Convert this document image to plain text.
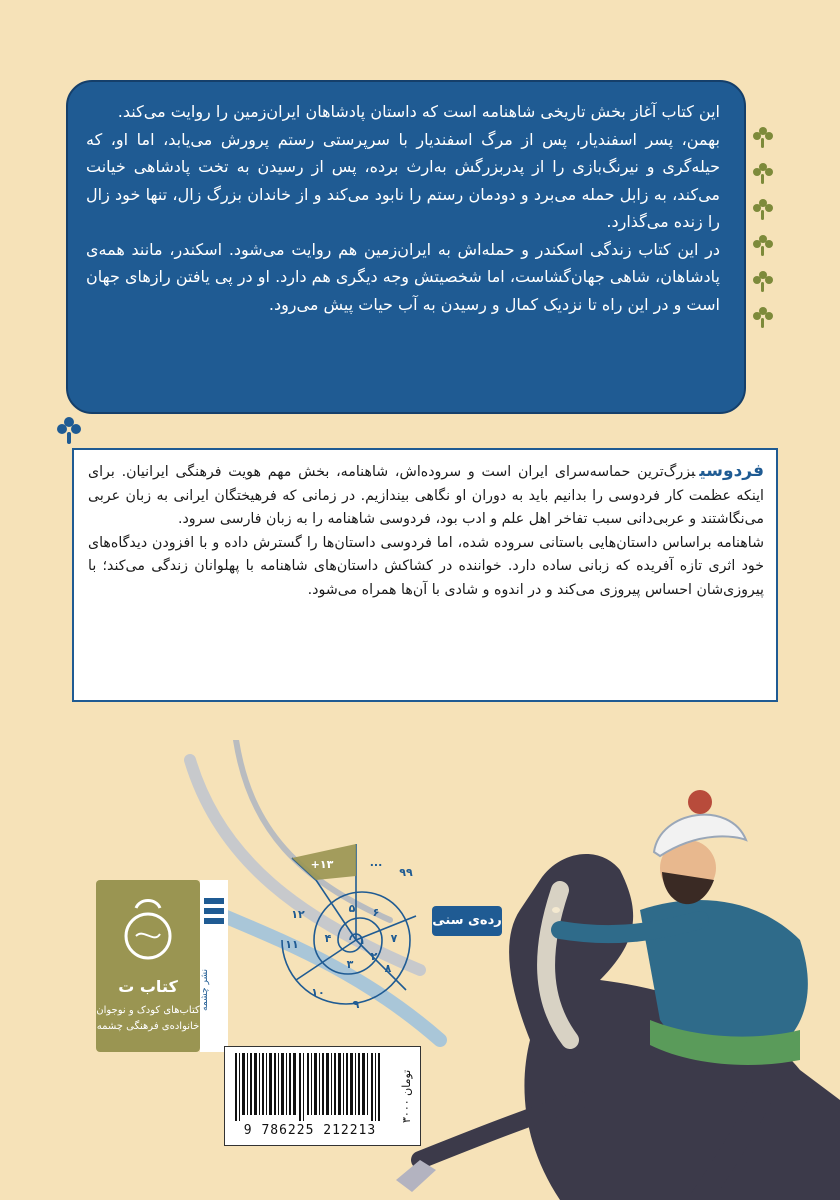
این کتاب آغاز بخش تاریخی شاهنامه است که داستان پادشاهان ایران‌زمین را روایت می‌کند.

بهمن، پسر اسفندیار، پس از مرگ اسفندیار با سرپرستی رستم پرورش می‌یابد، اما او، که حیله‌گری و نیرنگ‌بازی را از پدربزرگش به‌ارث برده، پس از رسیدن به تخت پادشاهی خیانت می‌کند، به زابل حمله می‌برد و دودمان رستم را نابود می‌کند و از خاندان بزرگ زال، تنها خود زال را زنده می‌گذارد.

در این کتاب زندگی اسکندر و حمله‌اش به ایران‌زمین هم روایت می‌شود. اسکندر، مانند همه‌ی پادشاهان، شاهی جهان‌گشاست، اما شخصیتش وجه دیگری هم دارد. او در پی یافتن رازهای جهان است و در این راه تا نزدیک کمال و رسیدن به آب حیات پیش می‌رود.

فردوسیبزرگ‌ترین حماسه‌سرای ایران است و سروده‌اش، شاهنامه، بخش مهم هویت فرهنگی ایرانیان. برای اینکه عظمت کار فردوسی را بدانیم باید به دوران او نگاهی بیندازیم. در زمانی که فرهیختگان ایرانی به زبان عربی می‌نگاشتند و عربی‌دانی سبب تفاخر اهل علم و ادب بود، فردوسی شاهنامه را به زبان فارسی سرود.

شاهنامه براساس داستان‌هایی باستانی سروده شده، اما فردوسی داستان‌ها را گسترش داده و با افزودن دیدگاه‌های خود اثری تازه آفریده که زبانی ساده دارد. خواننده در کشاکش داستان‌های شاهنامه با پهلوانان زندگی می‌کند؛ با پیروزی‌شان احساس پیروزی می‌کند و در اندوه و شادی با آن‌ها همراه می‌شود.

+۱۳	...
۹۹
۱۲
۱۱
۱۰
۹
۸
۷
۶
۵
۴
۳
۲
۱
رده‌ی سنی
کتاب ت
کتاب‌های کودک و نوجوان
خانواده‌ی فرهنگی چشمه
نشر چشمه
9 786225 212213
۳۰۰۰ تومان
